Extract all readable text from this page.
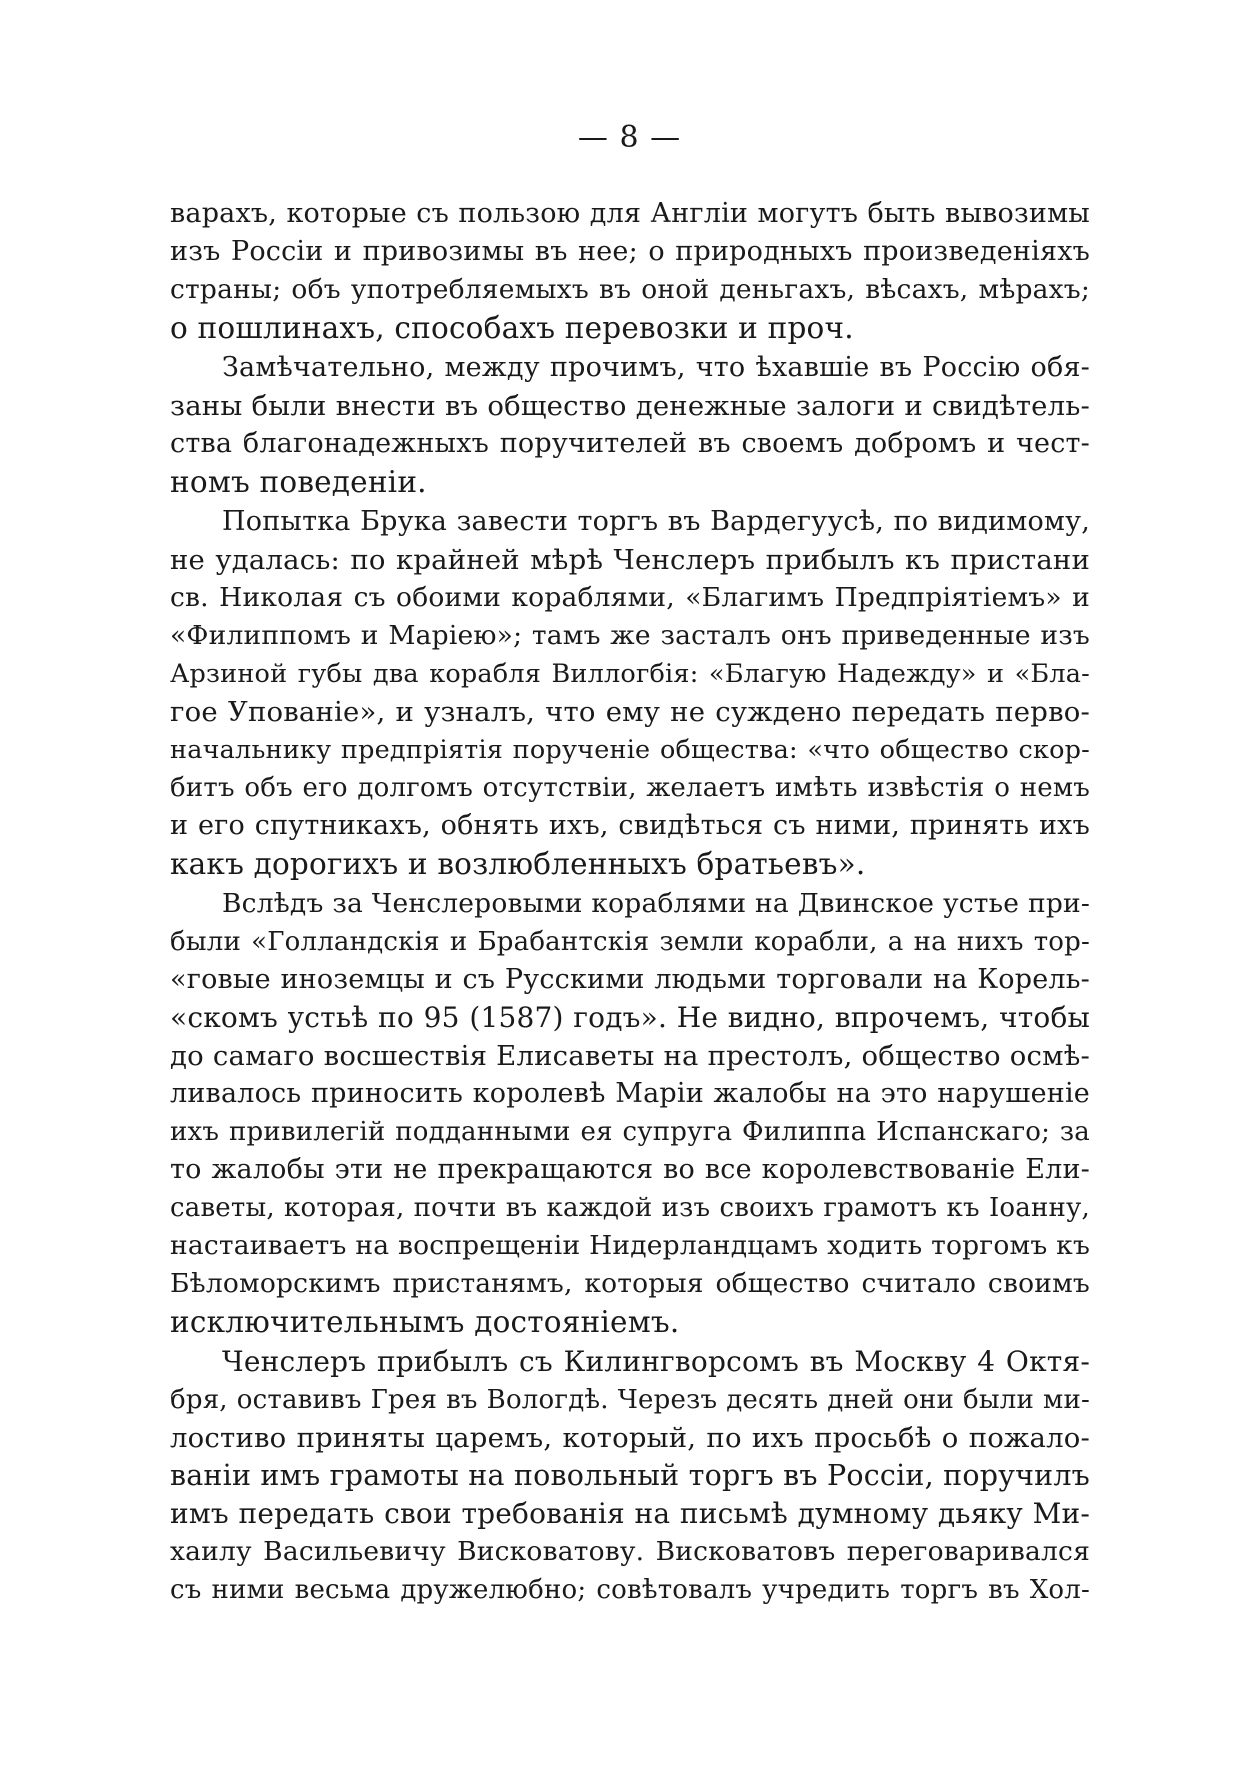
— 8 —
варахъ, которые съ пользою для Англіи могутъ быть вывозимы
изъ Россіи и привозимы въ нее; о природныхъ произведеніяхъ
страны; объ употребляемыхъ въ оной деньгахъ, вѣсахъ, мѣрахъ;
о пошлинахъ, способахъ перевозки и проч.
Замѣчательно, между прочимъ, что ѣхавшіе въ Россію обя-
заны были внести въ общество денежные залоги и свидѣтель-
ства благонадежныхъ поручителей въ своемъ добромъ и чест-
номъ поведеніи.
Попытка Брука завести торгъ въ Вардегуусѣ, по видимому,
не удалась: по крайней мѣрѣ Ченслеръ прибылъ къ пристани
св. Николая съ обоими кораблями, «Благимъ Предпріятіемъ» и
«Филиппомъ и Маріею»; тамъ же засталъ онъ приведенные изъ
Арзиной губы два корабля Виллогбія: «Благую Надежду» и «Бла-
гое Упованіе», и узналъ, что ему не суждено передать перво-
начальнику предпріятія порученіе общества: «что общество скор-
битъ объ его долгомъ отсутствіи, желаетъ имѣть извѣстія о немъ
и его спутникахъ, обнять ихъ, свидѣться съ ними, принять ихъ
какъ дорогихъ и возлюбленныхъ братьевъ».
Вслѣдъ за Ченслеровыми кораблями на Двинское устье при-
были «Голландскія и Брабантскія земли корабли, а на нихъ тор-
«говые иноземцы и съ Русскими людьми торговали на Корель-
«скомъ устьѣ по 95 (1587) годъ». Не видно, впрочемъ, чтобы
до самаго восшествія Елисаветы на престолъ, общество осмѣ-
ливалось приносить королевѣ Маріи жалобы на это нарушеніе
ихъ привилегій подданными ея супруга Филиппа Испанскаго; за
то жалобы эти не прекращаются во все королевствованіе Ели-
саветы, которая, почти въ каждой изъ своихъ грамотъ къ Іоанну,
настаиваетъ на воспрещеніи Нидерландцамъ ходить торгомъ къ
Бѣломорскимъ пристанямъ, которыя общество считало своимъ
исключительнымъ достояніемъ.
Ченслеръ прибылъ съ Килингворсомъ въ Москву 4 Октя-
бря, оставивъ Грея въ Вологдѣ. Черезъ десять дней они были ми-
лостиво приняты царемъ, который, по ихъ просьбѣ о пожало-
ваніи имъ грамоты на повольный торгъ въ Россіи, поручилъ
имъ передать свои требованія на письмѣ думному дьяку Ми-
хаилу Васильевичу Висковатову. Висковатовъ переговаривался
съ ними весьма дружелюбно; совѣтовалъ учредить торгъ въ Хол-
